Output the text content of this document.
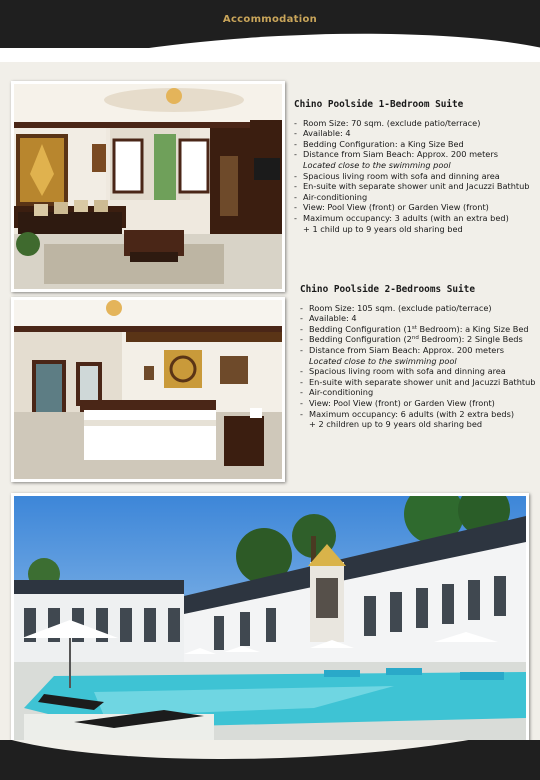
Accommodation
Chino Poolside 1-Bedroom Suite
- Room Size: 70 sqm. (exclude patio/terrace)
- Available: 4
- Bedding Configuration: a King Size Bed
- Distance from Siam Beach: Approx. 200 meters
Located close to the swimming pool
- Spacious living room with sofa and dinning area
- En-suite with separate shower unit and Jacuzzi Bathtub
- Air-conditioning
- View: Pool View (front) or Garden View (front)
- Maximum occupancy: 3 adults (with an extra bed)
+ 1 child up to 9 years old sharing bed
Chino Poolside 2-Bedrooms Suite
- Room Size: 105 sqm. (exclude patio/terrace)
- Available: 4
- Bedding Configuration (1st Bedroom): a King Size Bed
- Bedding Configuration (2nd Bedroom): 2 Single Beds
- Distance from Siam Beach: Approx. 200 meters
Located close to the swimming pool
- Spacious living room with sofa and dinning area
- En-suite with separate shower unit and Jacuzzi Bathtub
- Air-conditioning
- View: Pool View (front) or Garden View (front)
- Maximum occupancy: 6 adults (with 2 extra beds)
+ 2 children up to 9 years old sharing bed
